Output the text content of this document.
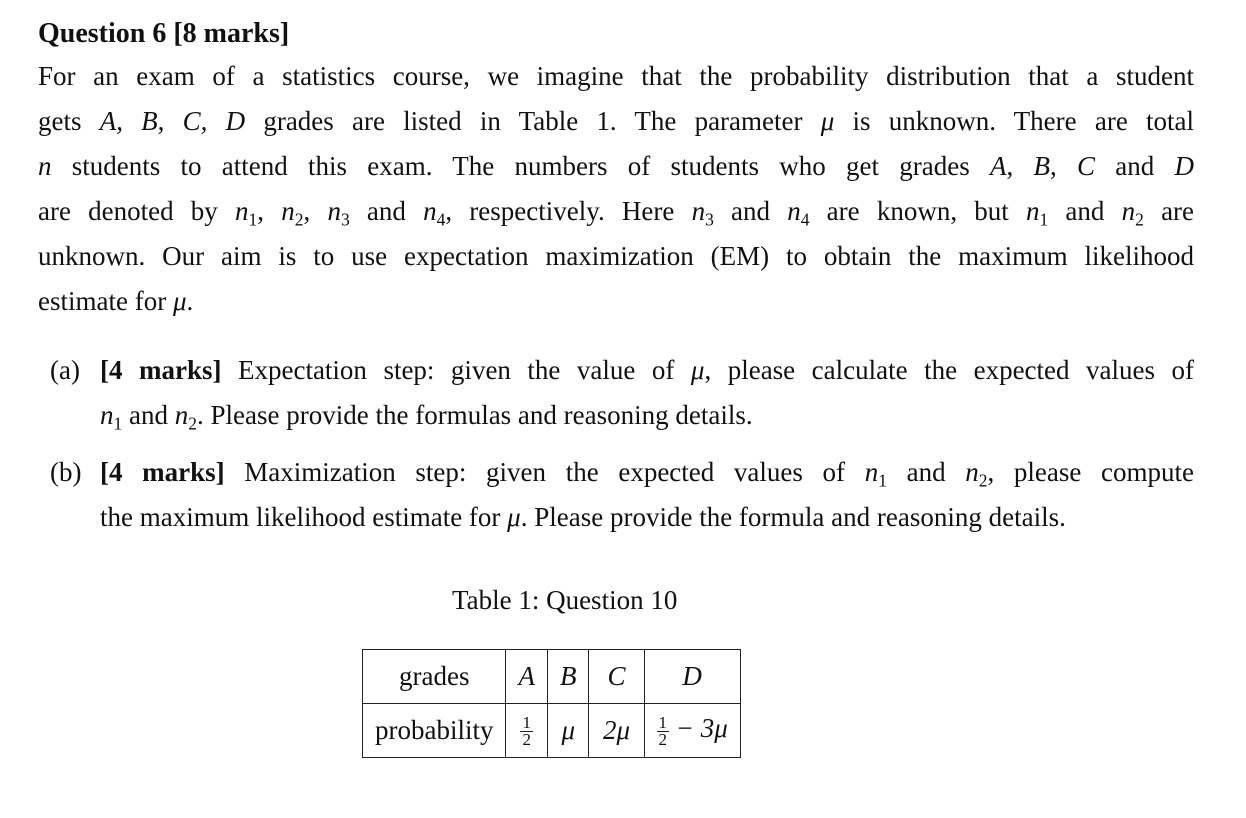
Question 6 [8 marks]
For an exam of a statistics course, we imagine that the probability distribution that a student
gets A, B, C, D grades are listed in Table 1. The parameter μ is unknown. There are total
n students to attend this exam. The numbers of students who get grades A, B, C and D
are denoted by $n_1$, $n_2$, $n_3$ and $n_4$, respectively. Here $n_3$ and $n_4$ are known, but $n_1$ and $n_2$ are
unknown. Our aim is to use expectation maximization (EM) to obtain the maximum likelihood
estimate for μ.
(a) [4 marks] Expectation step: given the value of μ, please calculate the expected values of
$n_1$ and $n_2$. Please provide the formulas and reasoning details.
(b) [4 marks] Maximization step: given the expected values of $n_1$ and $n_2$, please compute
the maximum likelihood estimate for μ. Please provide the formula and reasoning details.
Table 1: Question 10
grades	A	B	C	D
probability	$\frac{1}{2}$	μ	2μ	$\frac{1}{2} - 3\mu$
